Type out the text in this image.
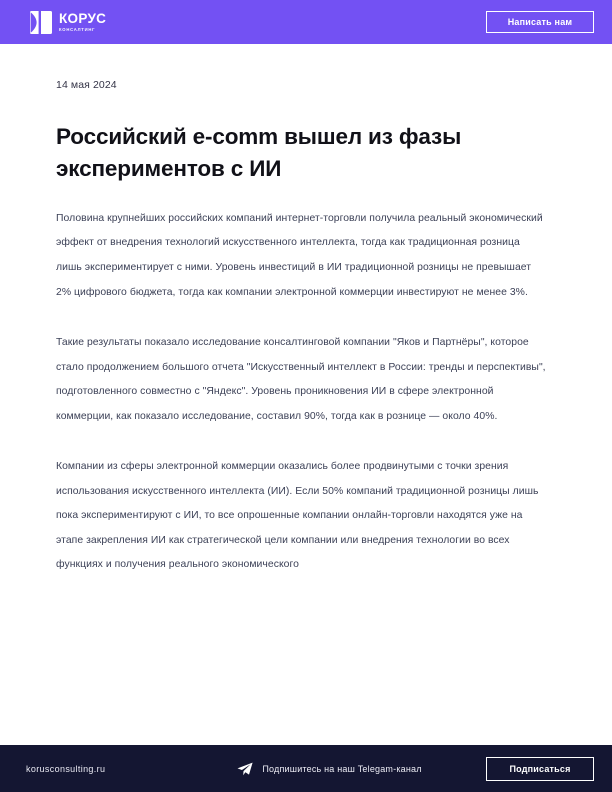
КОРУС
КОНСАЛТИНГ
Написать нам

14 мая 2024

Российский e-comm вышел из фазы экспериментов с ИИ

Половина крупнейших российских компаний интернет-торговли получила реальный экономический эффект от внедрения технологий искусственного интеллекта, тогда как традиционная розница лишь экспериментирует с ними. Уровень инвестиций в ИИ традиционной розницы не превышает 2% цифрового бюджета, тогда как компании электронной коммерции инвестируют не менее 3%.

Такие результаты показало исследование консалтинговой компании "Яков и Партнёры", которое стало продолжением большого отчета "Искусственный интеллект в России: тренды и перспективы", подготовленного совместно с "Яндекс". Уровень проникновения ИИ в сфере электронной коммерции, как показало исследование, составил 90%, тогда как в рознице — около 40%.

Компании из сферы электронной коммерции оказались более продвинутыми с точки зрения использования искусственного интеллекта (ИИ). Если 50% компаний традиционной розницы лишь пока экспериментируют с ИИ, то все опрошенные компании онлайн-торговли находятся уже на этапе закрепления ИИ как стратегической цели компании или внедрения технологии во всех функциях и получения реального экономического

korusconsulting.ru	Подпишитесь на наш Telegam-канал	Подписаться
